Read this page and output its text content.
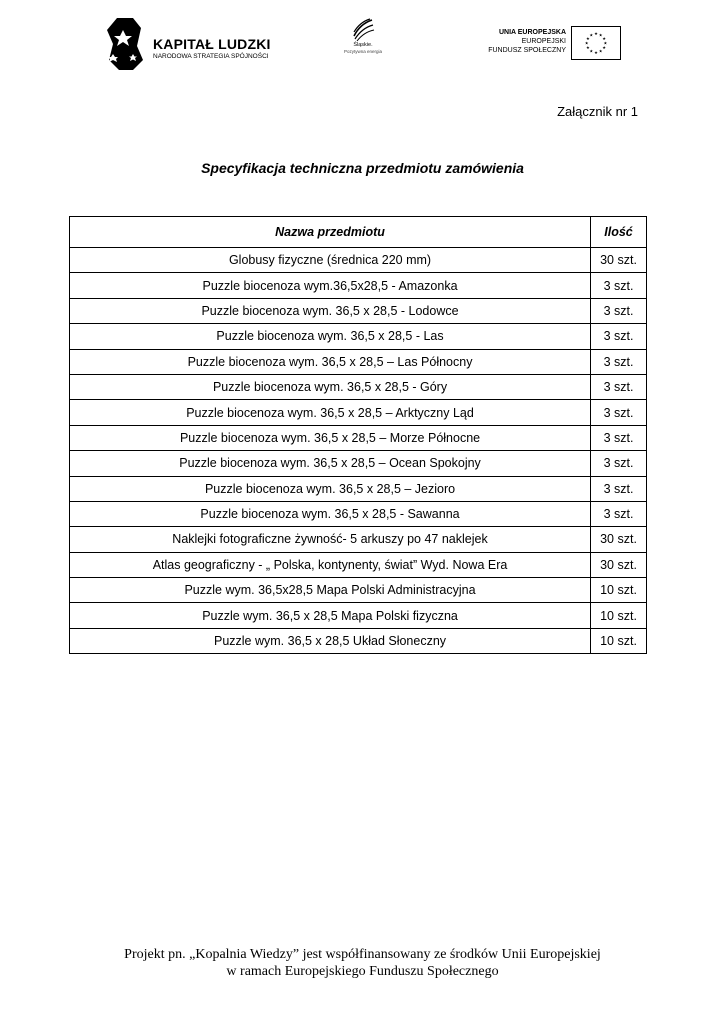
KAPITAŁ LUDZKI
NARODOWA STRATEGIA SPÓJNOŚCI
Śląskie.
Pozytywna energia
UNIA EUROPEJSKA
EUROPEJSKI
FUNDUSZ SPOŁECZNY
★
★
★
★
★
★
★
★
★ ★ ★
★
Załącznik nr 1
Specyfikacja techniczna przedmiotu zamówienia
Nazwa przedmiotu	Ilość
Globusy fizyczne (średnica 220 mm)	30 szt.
Puzzle biocenoza wym.36,5x28,5 - Amazonka	3 szt.
Puzzle biocenoza wym. 36,5 x 28,5 - Lodowce	3 szt.
Puzzle biocenoza wym. 36,5 x 28,5 - Las	3 szt.
Puzzle biocenoza wym. 36,5 x 28,5 – Las Północny	3 szt.
Puzzle biocenoza wym. 36,5 x 28,5 - Góry	3 szt.
Puzzle biocenoza wym. 36,5 x 28,5 – Arktyczny Ląd	3 szt.
Puzzle biocenoza wym. 36,5 x 28,5 – Morze Północne	3 szt.
Puzzle biocenoza wym. 36,5 x 28,5 – Ocean Spokojny	3 szt.
Puzzle biocenoza wym. 36,5 x 28,5 – Jezioro	3 szt.
Puzzle biocenoza wym. 36,5 x 28,5 - Sawanna	3 szt.
Naklejki fotograficzne żywność- 5 arkuszy po 47 naklejek	30 szt.
Atlas geograficzny - „ Polska, kontynenty, świat” Wyd. Nowa Era	30 szt.
Puzzle wym. 36,5x28,5 Mapa Polski Administracyjna	10 szt.
Puzzle wym. 36,5 x 28,5 Mapa Polski fizyczna	10 szt.
Puzzle wym. 36,5 x 28,5 Układ Słoneczny	10 szt.
Projekt pn. „Kopalnia Wiedzy” jest współfinansowany ze środków Unii Europejskiej
w ramach Europejskiego Funduszu Społecznego
